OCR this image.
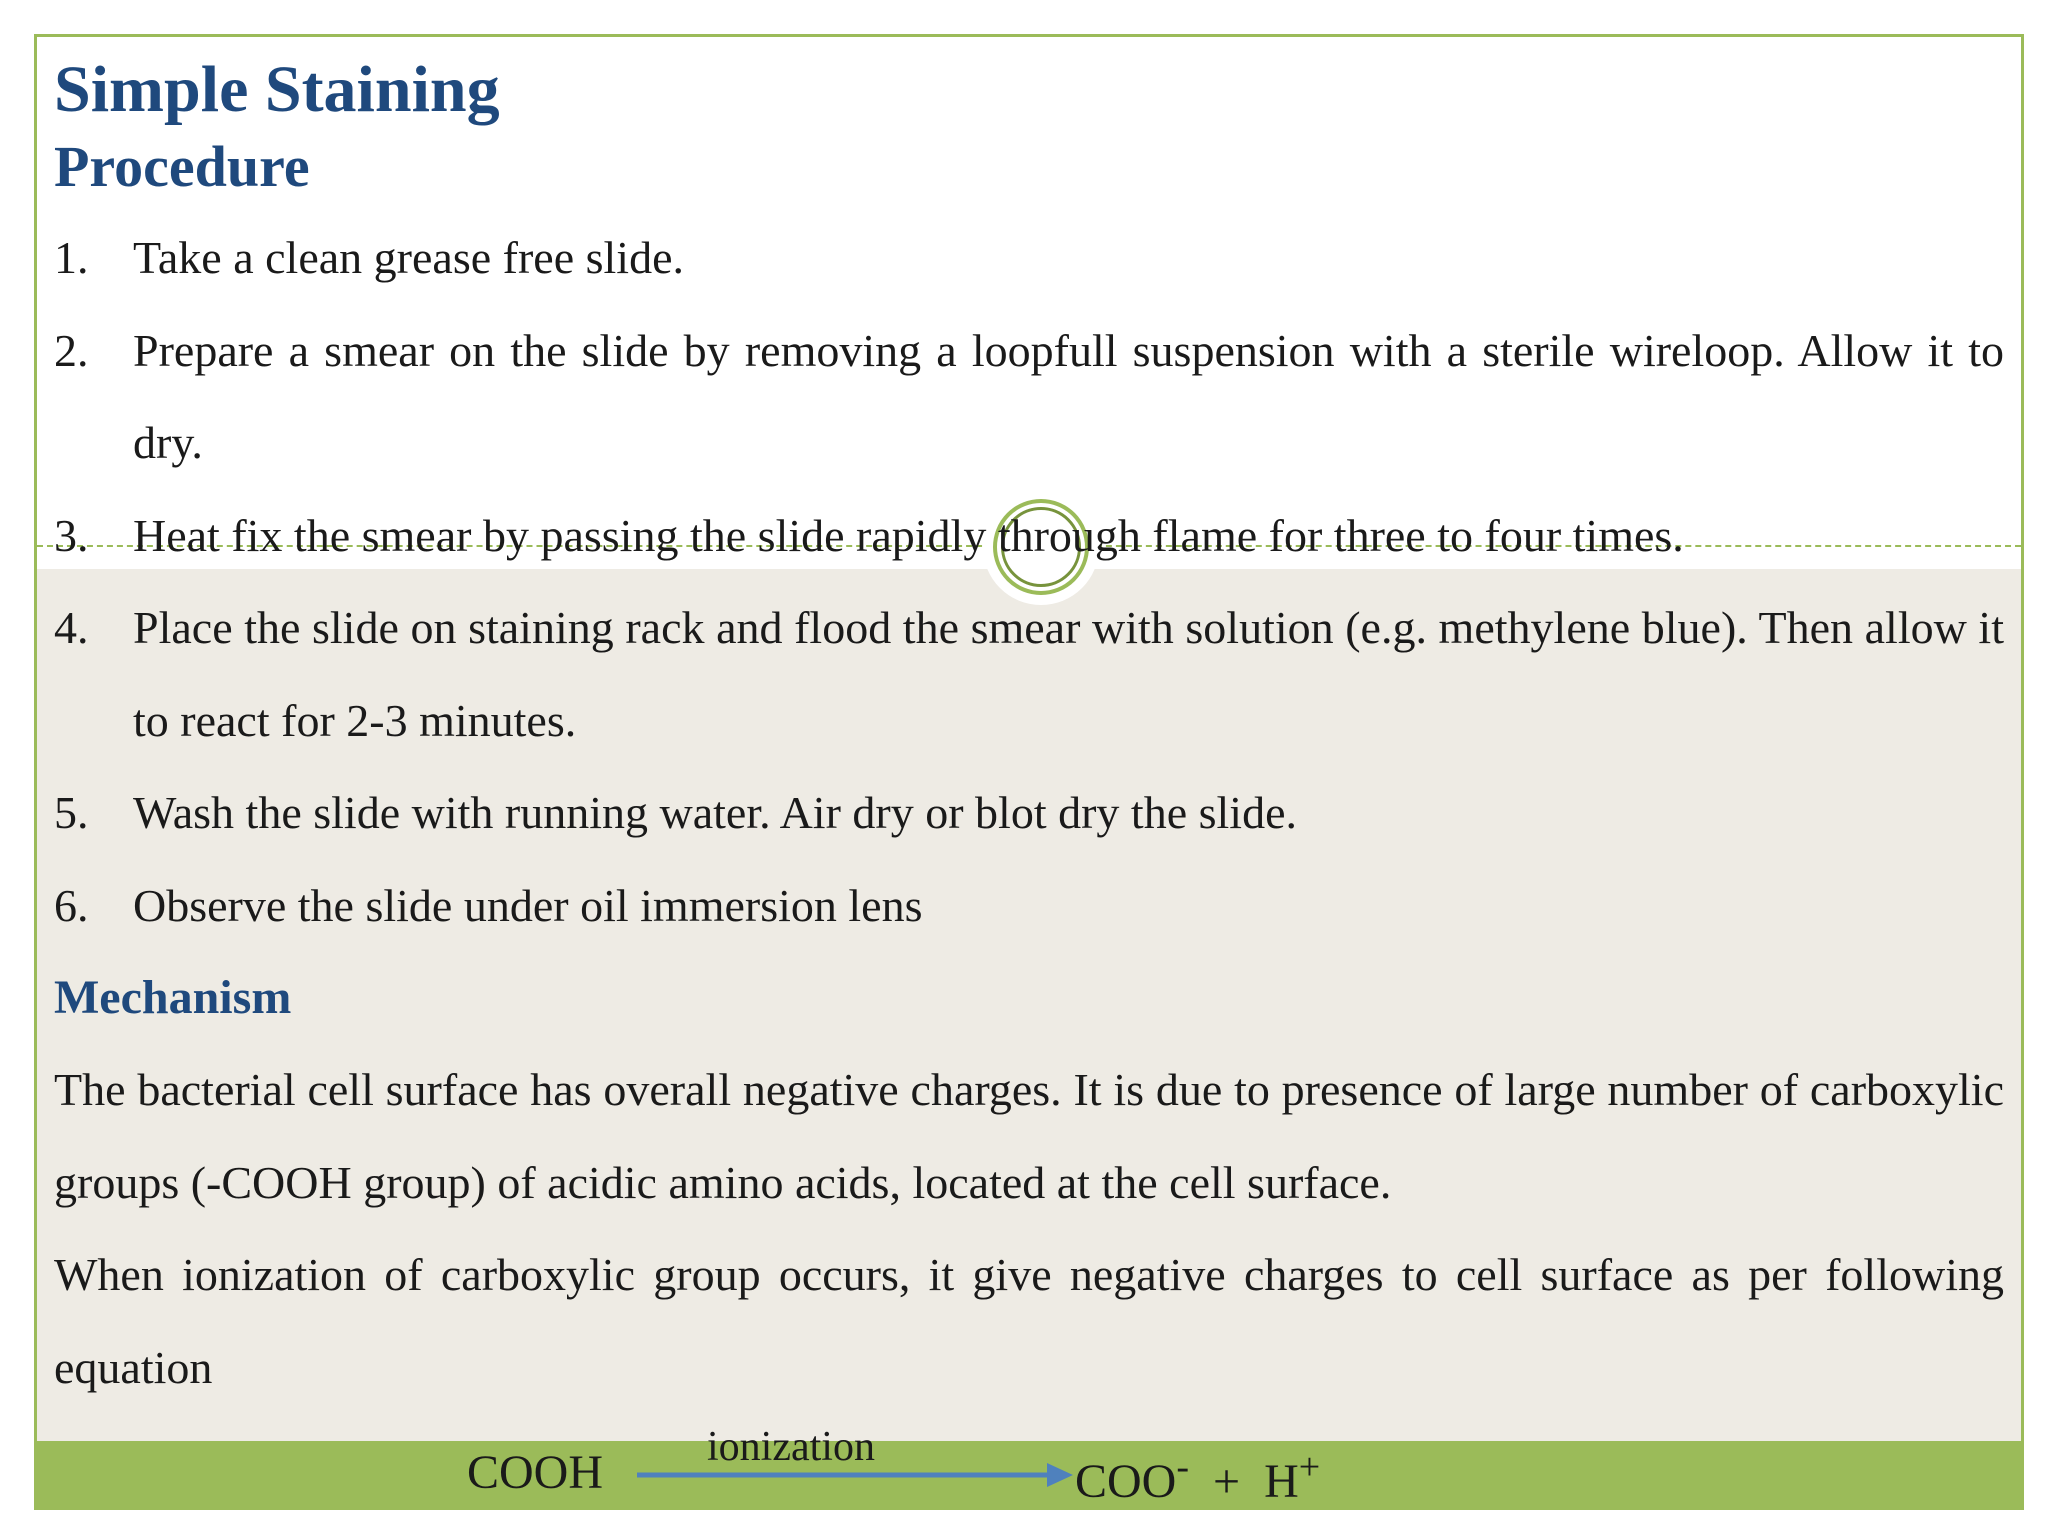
COOH ionization
COO- + H+
Simple Staining
Procedure
1. Take a clean grease free slide.
2. Prepare a smear on the slide by removing a loopfull suspension with a sterile wireloop. Allow it to dry.
3. Heat fix the smear by passing the slide rapidly through flame for three to four times.
4. Place the slide on staining rack and flood the smear with solution (e.g. methylene blue). Then allow it to react for 2-3 minutes.
5. Wash the slide with running water. Air dry or blot dry the slide.
6. Observe the slide under oil immersion lens
Mechanism

The bacterial cell surface has overall negative charges. It is due to presence of large number of carboxylic groups (-COOH group) of acidic amino acids, located at the cell surface.

When ionization of carboxylic group occurs, it give negative charges to cell surface as per following equation
